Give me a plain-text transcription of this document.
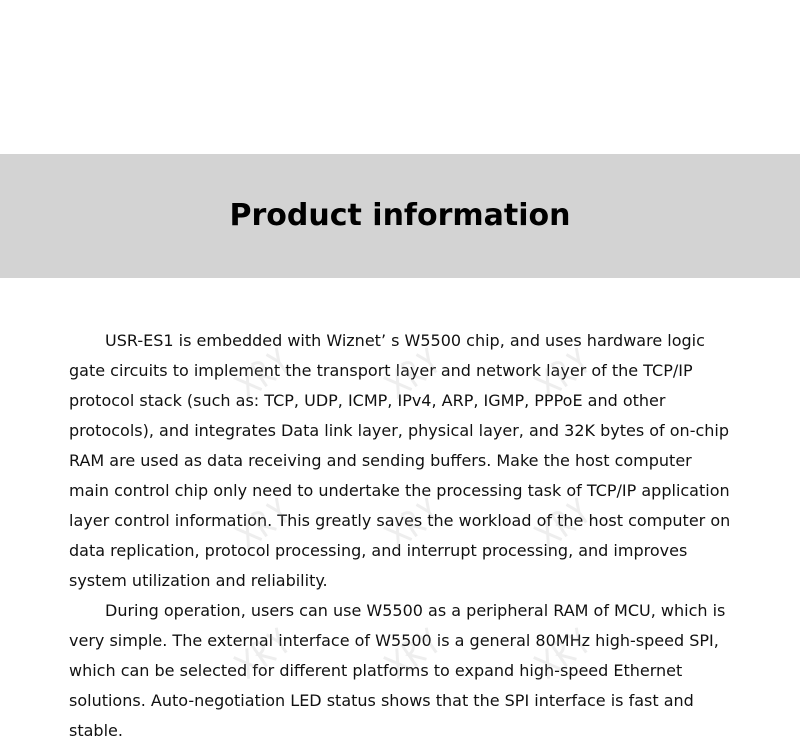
Product information

USR-ES1 is embedded with Wiznet’ s W5500 chip, and uses hardware logic gate circuits to implement the transport layer and network layer of the TCP/IP protocol stack (such as: TCP, UDP, ICMP, IPv4, ARP, IGMP, PPPoE and other protocols), and integrates Data link layer, physical layer, and 32K bytes of on-chip RAM are used as data receiving and sending buffers. Make the host computer main control chip only need to undertake the processing task of TCP/IP application layer control information. This greatly saves the workload of the host computer on data replication, protocol processing, and interrupt processing, and improves system utilization and reliability.

During operation, users can use W5500 as a peripheral RAM of MCU, which is very simple. The external interface of W5500 is a general 80MHz high-speed SPI, which can be selected for different platforms to expand high-speed Ethernet solutions. Auto-negotiation LED status shows that the SPI interface is fast and stable.
